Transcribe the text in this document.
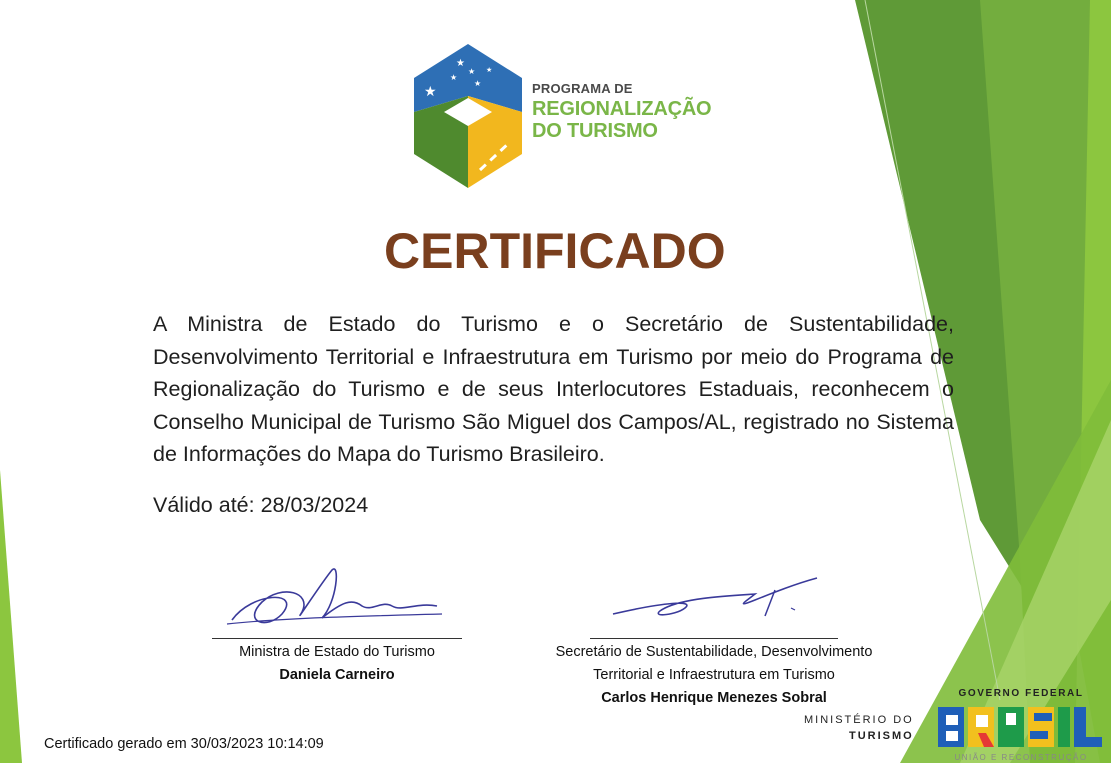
★
★
★
★
★
★
PROGRAMA DE
REGIONALIZAÇÃO
DO TURISMO
CERTIFICADO
A Ministra de Estado do Turismo e o Secretário de Sustentabilidade, Desenvolvimento Territorial e Infraestrutura em Turismo por meio do Programa de Regionalização do Turismo e de seus Interlocutores Estaduais, reconhecem o Conselho Municipal de Turismo São Miguel dos Campos/AL, registrado no Sistema de Informações do Mapa do Turismo Brasileiro.
Válido até: 28/03/2024
Ministra de Estado do Turismo
Daniela Carneiro
Secretário de Sustentabilidade, Desenvolvimento
Territorial e Infraestrutura em Turismo
Carlos Henrique Menezes Sobral
Certificado gerado em 30/03/2023 10:14:09
MINISTÉRIO DO
TURISMO
GOVERNO FEDERAL
UNIÃO E RECONSTRUÇÃO
